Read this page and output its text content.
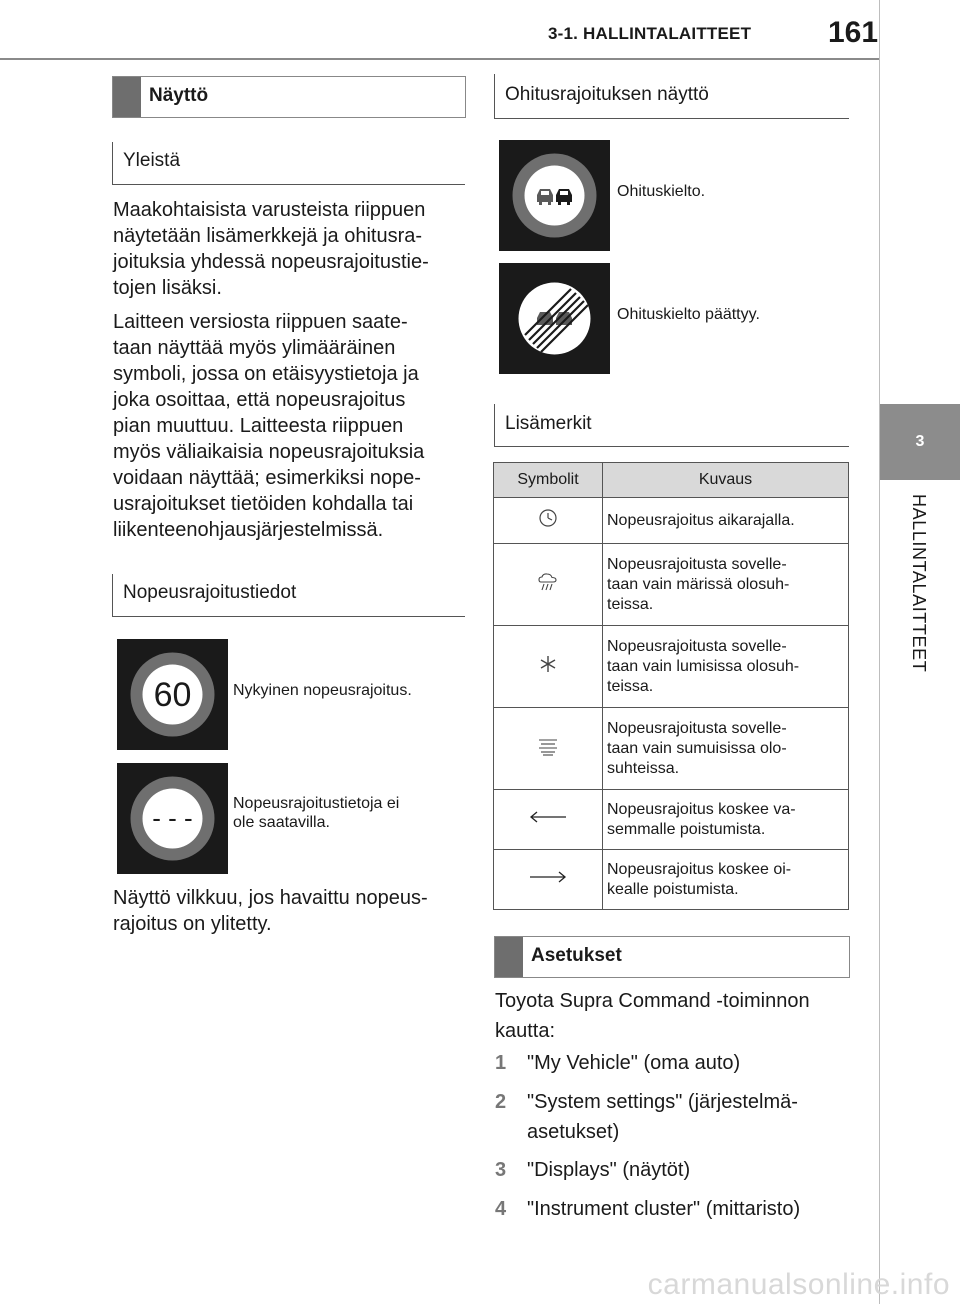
3-1. HALLINTALAITTEET	161
3
HALLINTALAITTEET
Näyttö
Yleistä
Maakohtaisista varusteista riippuen
näytetään lisämerkkejä ja ohitusra-
joituksia yhdessä nopeusrajoitustie-
tojen lisäksi.
Laitteen versiosta riippuen saate-
taan näyttää myös ylimääräinen
symboli, jossa on etäisyystietoja ja
joka osoittaa, että nopeusrajoitus
pian muuttuu. Laitteesta riippuen
myös väliaikaisia nopeusrajoituksia
voidaan näyttää; esimerkiksi nope-
usrajoitukset tietöiden kohdalla tai
liikenteenohjausjärjestelmissä.
Nopeusrajoitustiedot
60	Nykyinen nopeusrajoitus.
- - -	Nopeusrajoitustietoja ei
ole saatavilla.
Näyttö vilkkuu, jos havaittu nopeus-
rajoitus on ylitetty.
Ohitusrajoituksen näyttö
Ohituskielto.
Ohituskielto päättyy.
Lisämerkit
Symbolit	Kuvaus

Nopeusrajoitus aikarajalla.

Nopeusrajoitusta sovelle-
taan vain märissä olosuh-
teissa.

Nopeusrajoitusta sovelle-
taan vain lumisissa olosuh-
teissa.

Nopeusrajoitusta sovelle-
taan vain sumuisissa olo-
suhteissa.

Nopeusrajoitus koskee va-
semmalle poistumista.

Nopeusrajoitus koskee oi-
kealle poistumista.
Asetukset
Toyota Supra Command -toiminnon
kautta:
1 "My Vehicle" (oma auto)
2 "System settings" (järjestelmä-
asetukset)
3 "Displays" (näytöt)
4 "Instrument cluster" (mittaristo)
carmanualsonline.info
